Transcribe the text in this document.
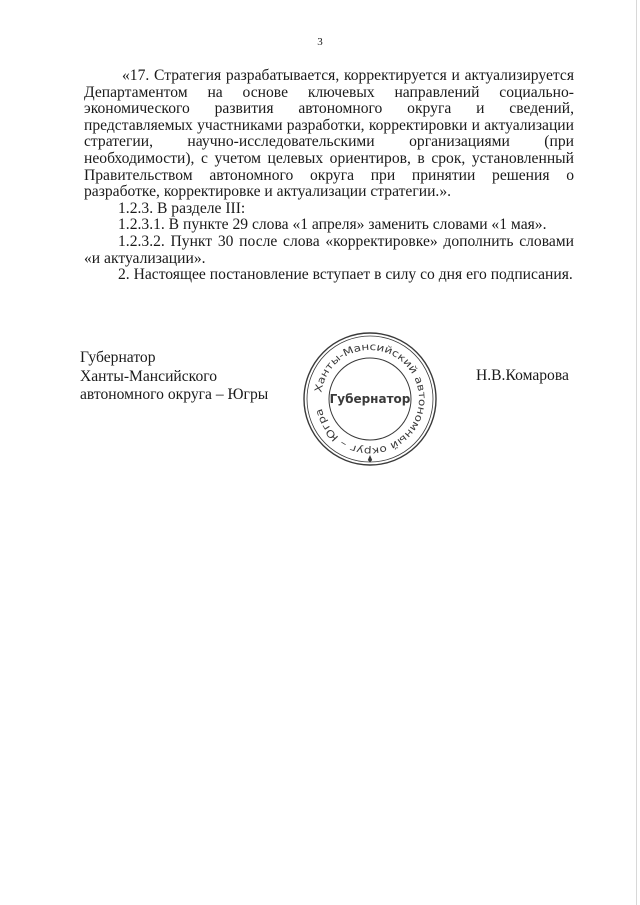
3

«17. Стратегия разрабатывается, корректируется и актуализируется Департаментом на основе ключевых направлений социально-экономического развития автономного округа и сведений, представляемых участниками разработки, корректировки и актуализации стратегии, научно-исследовательскими организациями (при необходимости), с учетом целевых ориентиров, в срок, установленный Правительством автономного округа при принятии решения о разработке, корректировке и актуализации стратегии.».

1.2.3. В разделе III:

1.2.3.1. В пункте 29 слова «1 апреля» заменить словами «1 мая».

1.2.3.2. Пункт 30 после слова «корректировке» дополнить словами «и актуализации».

2. Настоящее постановление вступает в силу со дня его подписания.

Губернатор
Ханты-Мансийского
автономного округа – Югры	Ханты-Мансийский автономный округ – Югра
Губернатор
Н.В.Комарова
